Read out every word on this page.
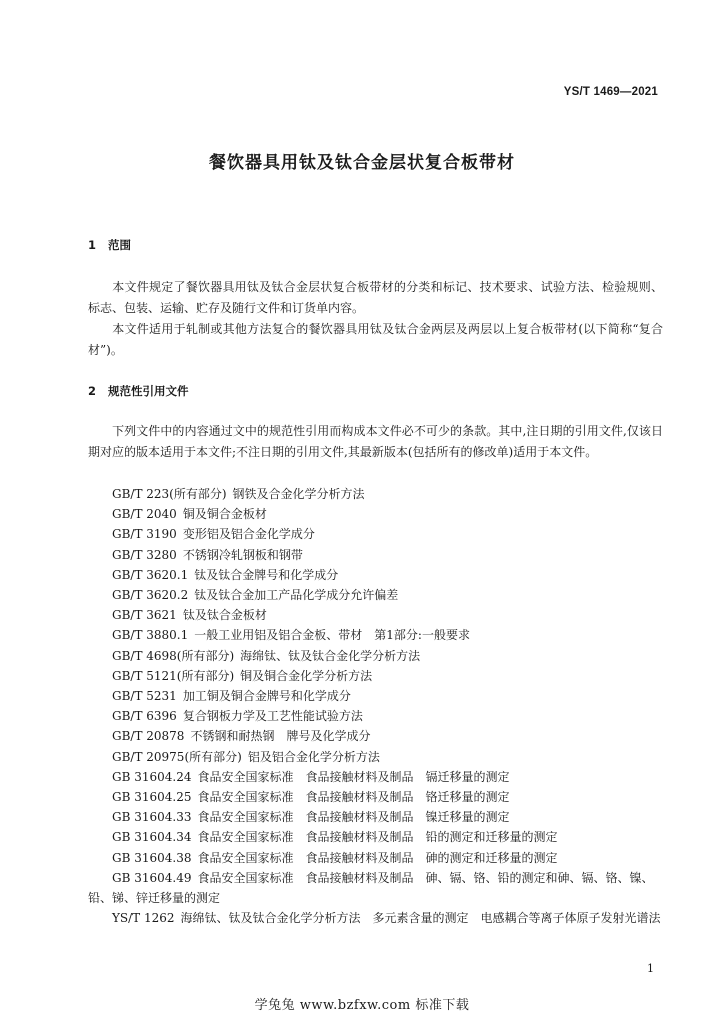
YS/T 1469—2021
餐饮器具用钛及钛合金层状复合板带材
1 范围
本文件规定了餐饮器具用钛及钛合金层状复合板带材的分类和标记、技术要求、试验方法、检验规则、标志、包装、运输、贮存及随行文件和订货单内容。
本文件适用于轧制或其他方法复合的餐饮器具用钛及钛合金两层及两层以上复合板带材(以下简称“复合材”)。
2 规范性引用文件
下列文件中的内容通过文中的规范性引用而构成本文件必不可少的条款。其中,注日期的引用文件,仅该日期对应的版本适用于本文件;不注日期的引用文件,其最新版本(包括所有的修改单)适用于本文件。
GB/T 223(所有部分) 钢铁及合金化学分析方法
GB/T 2040 铜及铜合金板材
GB/T 3190 变形铝及铝合金化学成分
GB/T 3280 不锈钢冷轧钢板和钢带
GB/T 3620.1 钛及钛合金牌号和化学成分
GB/T 3620.2 钛及钛合金加工产品化学成分允许偏差
GB/T 3621 钛及钛合金板材
GB/T 3880.1 一般工业用铝及铝合金板、带材　第1部分:一般要求
GB/T 4698(所有部分) 海绵钛、钛及钛合金化学分析方法
GB/T 5121(所有部分) 铜及铜合金化学分析方法
GB/T 5231 加工铜及铜合金牌号和化学成分
GB/T 6396 复合钢板力学及工艺性能试验方法
GB/T 20878 不锈钢和耐热钢　牌号及化学成分
GB/T 20975(所有部分) 铝及铝合金化学分析方法
GB 31604.24 食品安全国家标准　食品接触材料及制品　镉迁移量的测定
GB 31604.25 食品安全国家标准　食品接触材料及制品　铬迁移量的测定
GB 31604.33 食品安全国家标准　食品接触材料及制品　镍迁移量的测定
GB 31604.34 食品安全国家标准　食品接触材料及制品　铅的测定和迁移量的测定
GB 31604.38 食品安全国家标准　食品接触材料及制品　砷的测定和迁移量的测定
GB 31604.49 食品安全国家标准　食品接触材料及制品　砷、镉、铬、铅的测定和砷、镉、铬、镍、铅、锑、锌迁移量的测定
YS/T 1262 海绵钛、钛及钛合金化学分析方法　多元素含量的测定　电感耦合等离子体原子发射光谱法
1
学兔兔 www.bzfxw.com 标准下载
